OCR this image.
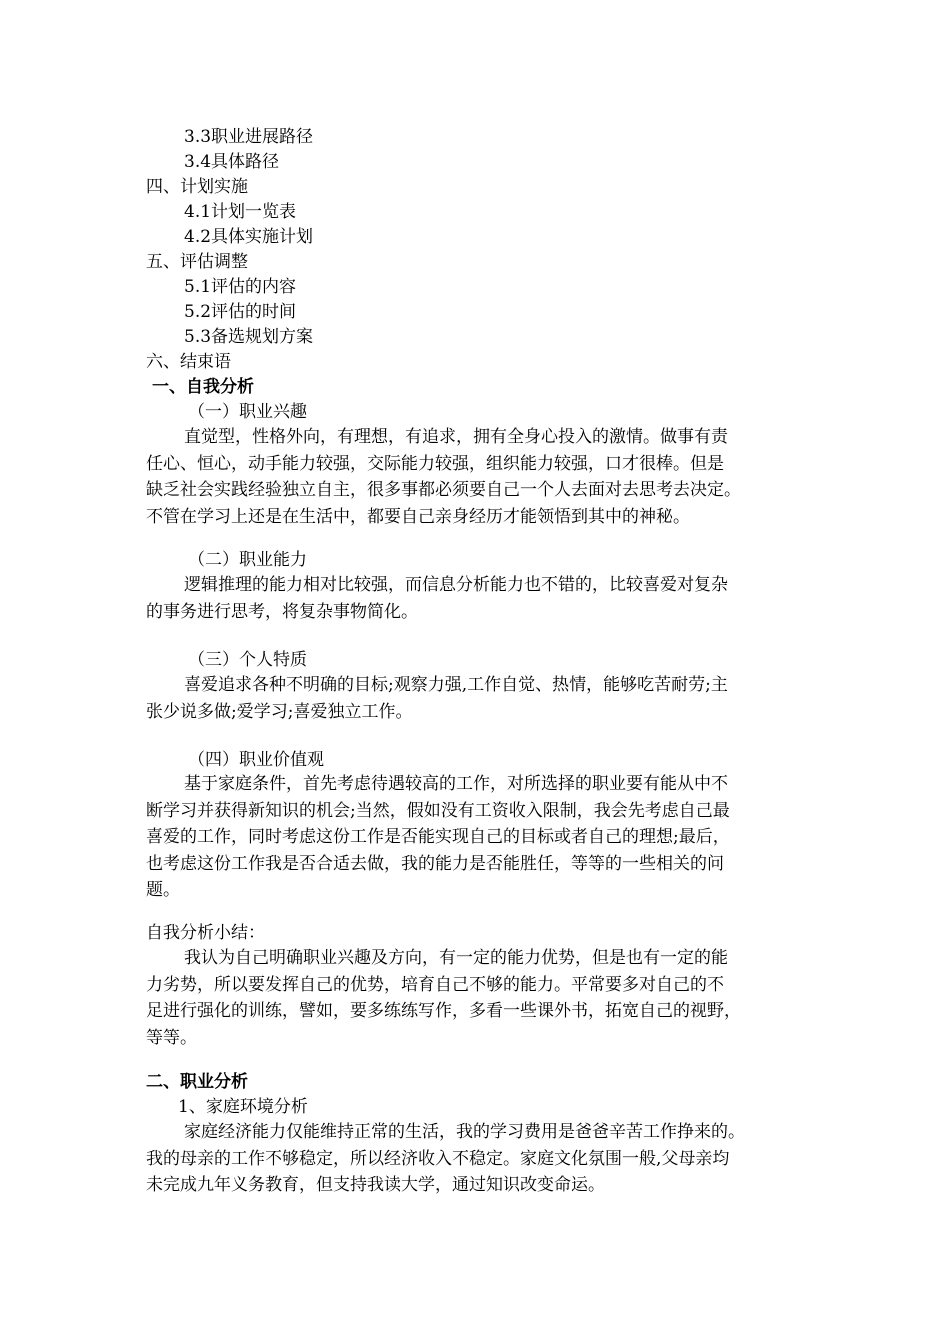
3.3职业进展路径
3.4具体路径
四、计划实施
4.1计划一览表
4.2具体实施计划
五、评估调整
5.1评估的内容
5.2评估的时间
5.3备选规划方案
六、结束语
一、自我分析
（一）职业兴趣
直觉型，性格外向，有理想，有追求，拥有全身心投入的激情。做事有责
任心、恒心，动手能力较强，交际能力较强，组织能力较强，口才很棒。但是
缺乏社会实践经验独立自主，很多事都必须要自己一个人去面对去思考去决定。
不管在学习上还是在生活中，都要自己亲身经历才能领悟到其中的神秘。
（二）职业能力
逻辑推理的能力相对比较强，而信息分析能力也不错的，比较喜爱对复杂
的事务进行思考，将复杂事物简化。
（三）个人特质
喜爱追求各种不明确的目标;观察力强,工作自觉、热情，能够吃苦耐劳;主
张少说多做;爱学习;喜爱独立工作。
（四）职业价值观
基于家庭条件，首先考虑待遇较高的工作，对所选择的职业要有能从中不
断学习并获得新知识的机会;当然，假如没有工资收入限制，我会先考虑自己最
喜爱的工作，同时考虑这份工作是否能实现自己的目标或者自己的理想;最后，
也考虑这份工作我是否合适去做，我的能力是否能胜任，等等的一些相关的问
题。
自我分析小结：
我认为自己明确职业兴趣及方向，有一定的能力优势，但是也有一定的能
力劣势，所以要发挥自己的优势，培育自己不够的能力。平常要多对自己的不
足进行强化的训练，譬如，要多练练写作，多看一些课外书，拓宽自己的视野，
等等。
二、职业分析
1、家庭环境分析
家庭经济能力仅能维持正常的生活，我的学习费用是爸爸辛苦工作挣来的。
我的母亲的工作不够稳定，所以经济收入不稳定。家庭文化氛围一般,父母亲均
未完成九年义务教育，但支持我读大学，通过知识改变命运。
